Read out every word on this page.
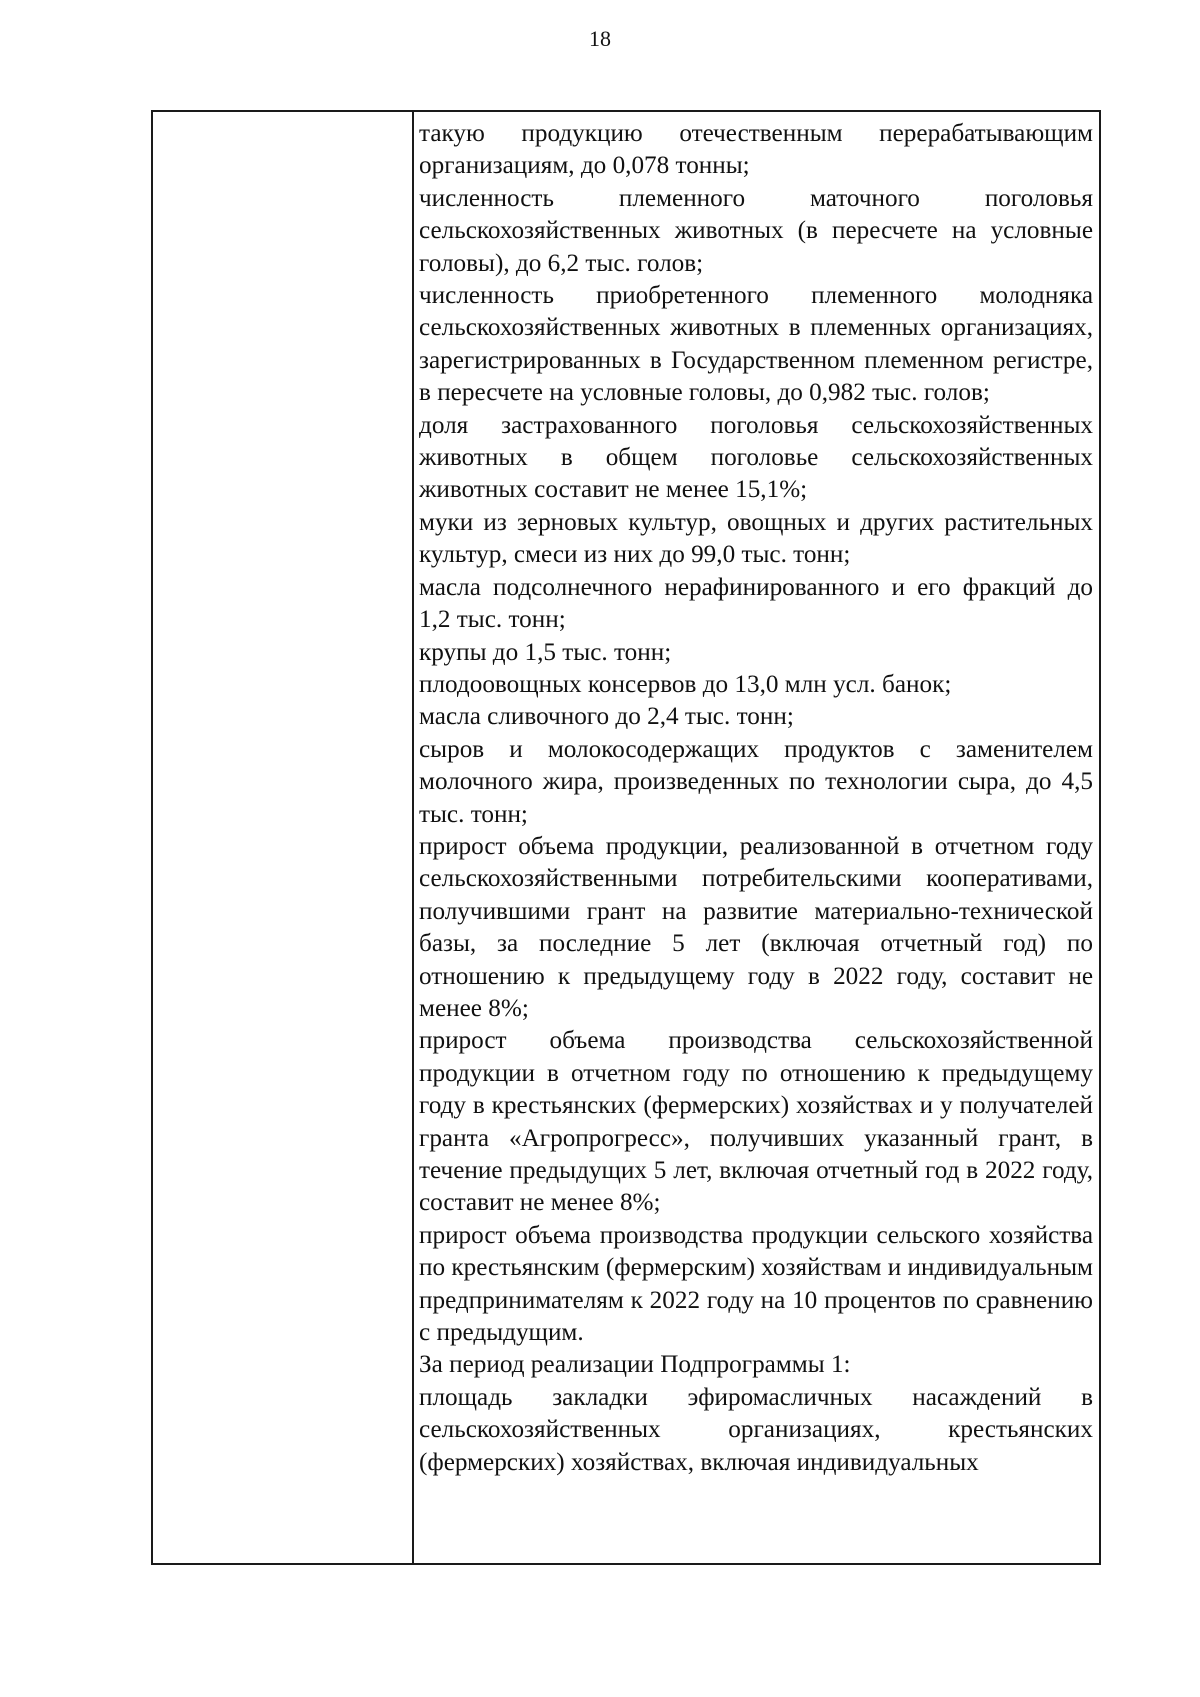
18

такую продукцию отечественным перерабатывающим организациям, до 0,078 тонны;

численность племенного маточного поголовья сельскохозяйственных животных (в пересчете на условные головы), до 6,2 тыс. голов;

численность приобретенного племенного молодняка сельскохозяйственных животных в племенных организациях, зарегистрированных в Государственном племенном регистре, в пересчете на условные головы, до 0,982 тыс. голов;

доля застрахованного поголовья сельскохозяйственных животных в общем поголовье сельскохозяйственных животных составит не менее 15,1%;

муки из зерновых культур, овощных и других растительных культур, смеси из них до 99,0 тыс. тонн;

масла подсолнечного нерафинированного и его фракций до 1,2 тыс. тонн;

крупы до 1,5 тыс. тонн;

плодоовощных консервов до 13,0 млн усл. банок;

масла сливочного до 2,4 тыс. тонн;

сыров и молокосодержащих продуктов с заменителем молочного жира, произведенных по технологии сыра, до 4,5 тыс. тонн;

прирост объема продукции, реализованной в отчетном году сельскохозяйственными потребительскими кооперативами, получившими грант на развитие материально-технической базы, за последние 5 лет (включая отчетный год) по отношению к предыдущему году в 2022 году, составит не менее 8%;

прирост объема производства сельскохозяйственной продукции в отчетном году по отношению к предыдущему году в крестьянских (фермерских) хозяйствах и у получателей гранта «Агропрогресс», получивших указанный грант, в течение предыдущих 5 лет, включая отчетный год в 2022 году, составит не менее 8%;

прирост объема производства продукции сельского хозяйства по крестьянским (фермерским) хозяйствам и индивидуальным предпринимателям к 2022 году на 10 процентов по сравнению с предыдущим.

За период реализации Подпрограммы 1:

площадь закладки эфиромасличных насаждений в сельскохозяйственных организациях, крестьянских (фермерских) хозяйствах, включая индивидуальных
